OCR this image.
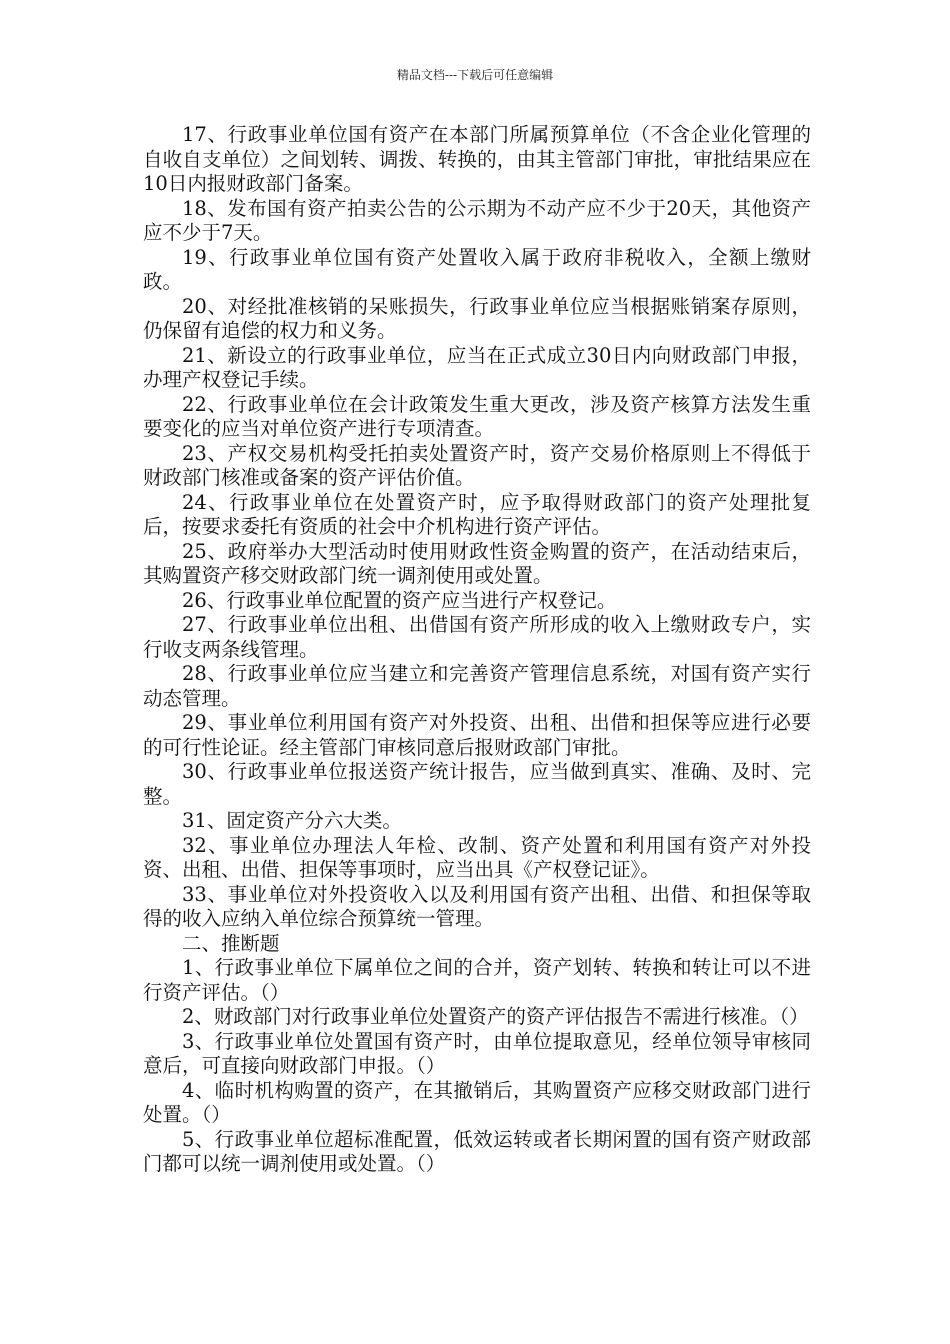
精品文档---下载后可任意编辑

17、行政事业单位国有资产在本部门所属预算单位（不含企业化管理的自收自支单位）之间划转、调拨、转换的，由其主管部门审批，审批结果应在10日内报财政部门备案。

18、发布国有资产拍卖公告的公示期为不动产应不少于20天，其他资产应不少于7天。

19、行政事业单位国有资产处置收入属于政府非税收入，全额上缴财政。

20、对经批准核销的呆账损失，行政事业单位应当根据账销案存原则，仍保留有追偿的权力和义务。

21、新设立的行政事业单位，应当在正式成立30日内向财政部门申报，办理产权登记手续。

22、行政事业单位在会计政策发生重大更改，涉及资产核算方法发生重要变化的应当对单位资产进行专项清查。

23、产权交易机构受托拍卖处置资产时，资产交易价格原则上不得低于财政部门核准或备案的资产评估价值。

24、行政事业单位在处置资产时，应予取得财政部门的资产处理批复后，按要求委托有资质的社会中介机构进行资产评估。

25、政府举办大型活动时使用财政性资金购置的资产，在活动结束后，其购置资产移交财政部门统一调剂使用或处置。

26、行政事业单位配置的资产应当进行产权登记。

27、行政事业单位出租、出借国有资产所形成的收入上缴财政专户，实行收支两条线管理。

28、行政事业单位应当建立和完善资产管理信息系统，对国有资产实行动态管理。

29、事业单位利用国有资产对外投资、出租、出借和担保等应进行必要的可行性论证。经主管部门审核同意后报财政部门审批。

30、行政事业单位报送资产统计报告，应当做到真实、准确、及时、完整。

31、固定资产分六大类。

32、事业单位办理法人年检、改制、资产处置和利用国有资产对外投资、出租、出借、担保等事项时，应当出具《产权登记证》。

33、事业单位对外投资收入以及利用国有资产出租、出借、和担保等取得的收入应纳入单位综合预算统一管理。

二、推断题

1、行政事业单位下属单位之间的合并，资产划转、转换和转让可以不进行资产评估。（）

2、财政部门对行政事业单位处置资产的资产评估报告不需进行核准。（）

3、行政事业单位处置国有资产时，由单位提取意见，经单位领导审核同意后，可直接向财政部门申报。（）

4、临时机构购置的资产，在其撤销后，其购置资产应移交财政部门进行处置。（）

5、行政事业单位超标准配置，低效运转或者长期闲置的国有资产财政部门都可以统一调剂使用或处置。（）
